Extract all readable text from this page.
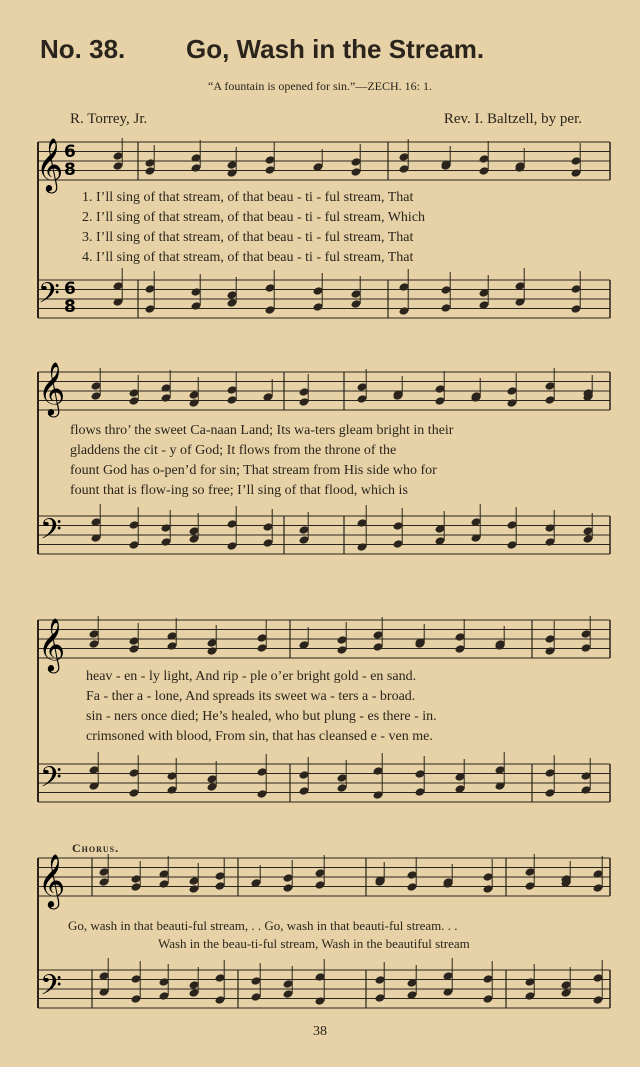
No. 38. Go, Wash in the Stream.
“A fountain is opened for sin.”—ZECH. 16: 1.
R. Torrey, Jr.	Rev. I. Baltzell, by per.
𝄞
𝄢
𝄞
𝄢
𝄞
𝄢
𝄞
𝄢
6
8
6
8
1. I’ll sing of that stream, of that beau - ti - ful stream, That
2. I’ll sing of that stream, of that beau - ti - ful stream, Which
3. I’ll sing of that stream, of that beau - ti - ful stream, That
4. I’ll sing of that stream, of that beau - ti - ful stream, That
flows thro’ the sweet Ca-naan Land; Its wa-ters gleam bright in their
gladdens the cit - y of God; It flows from the throne of the
fount God has o-pen’d for sin; That stream from His side who for
fount that is flow-ing so free; I’ll sing of that flood, which is
heav - en - ly light, And rip - ple o’er bright gold - en sand.
Fa - ther a - lone, And spreads its sweet wa - ters a - broad.
sin - ners once died; He’s healed, who but plung - es there - in.
crimsoned with blood, From sin, that has cleansed e - ven me.
Chorus.
Go, wash in that beauti-ful stream, . . Go, wash in that beauti-ful stream. . .
Wash in the beau-ti-ful stream, Wash in the beautiful stream
38
